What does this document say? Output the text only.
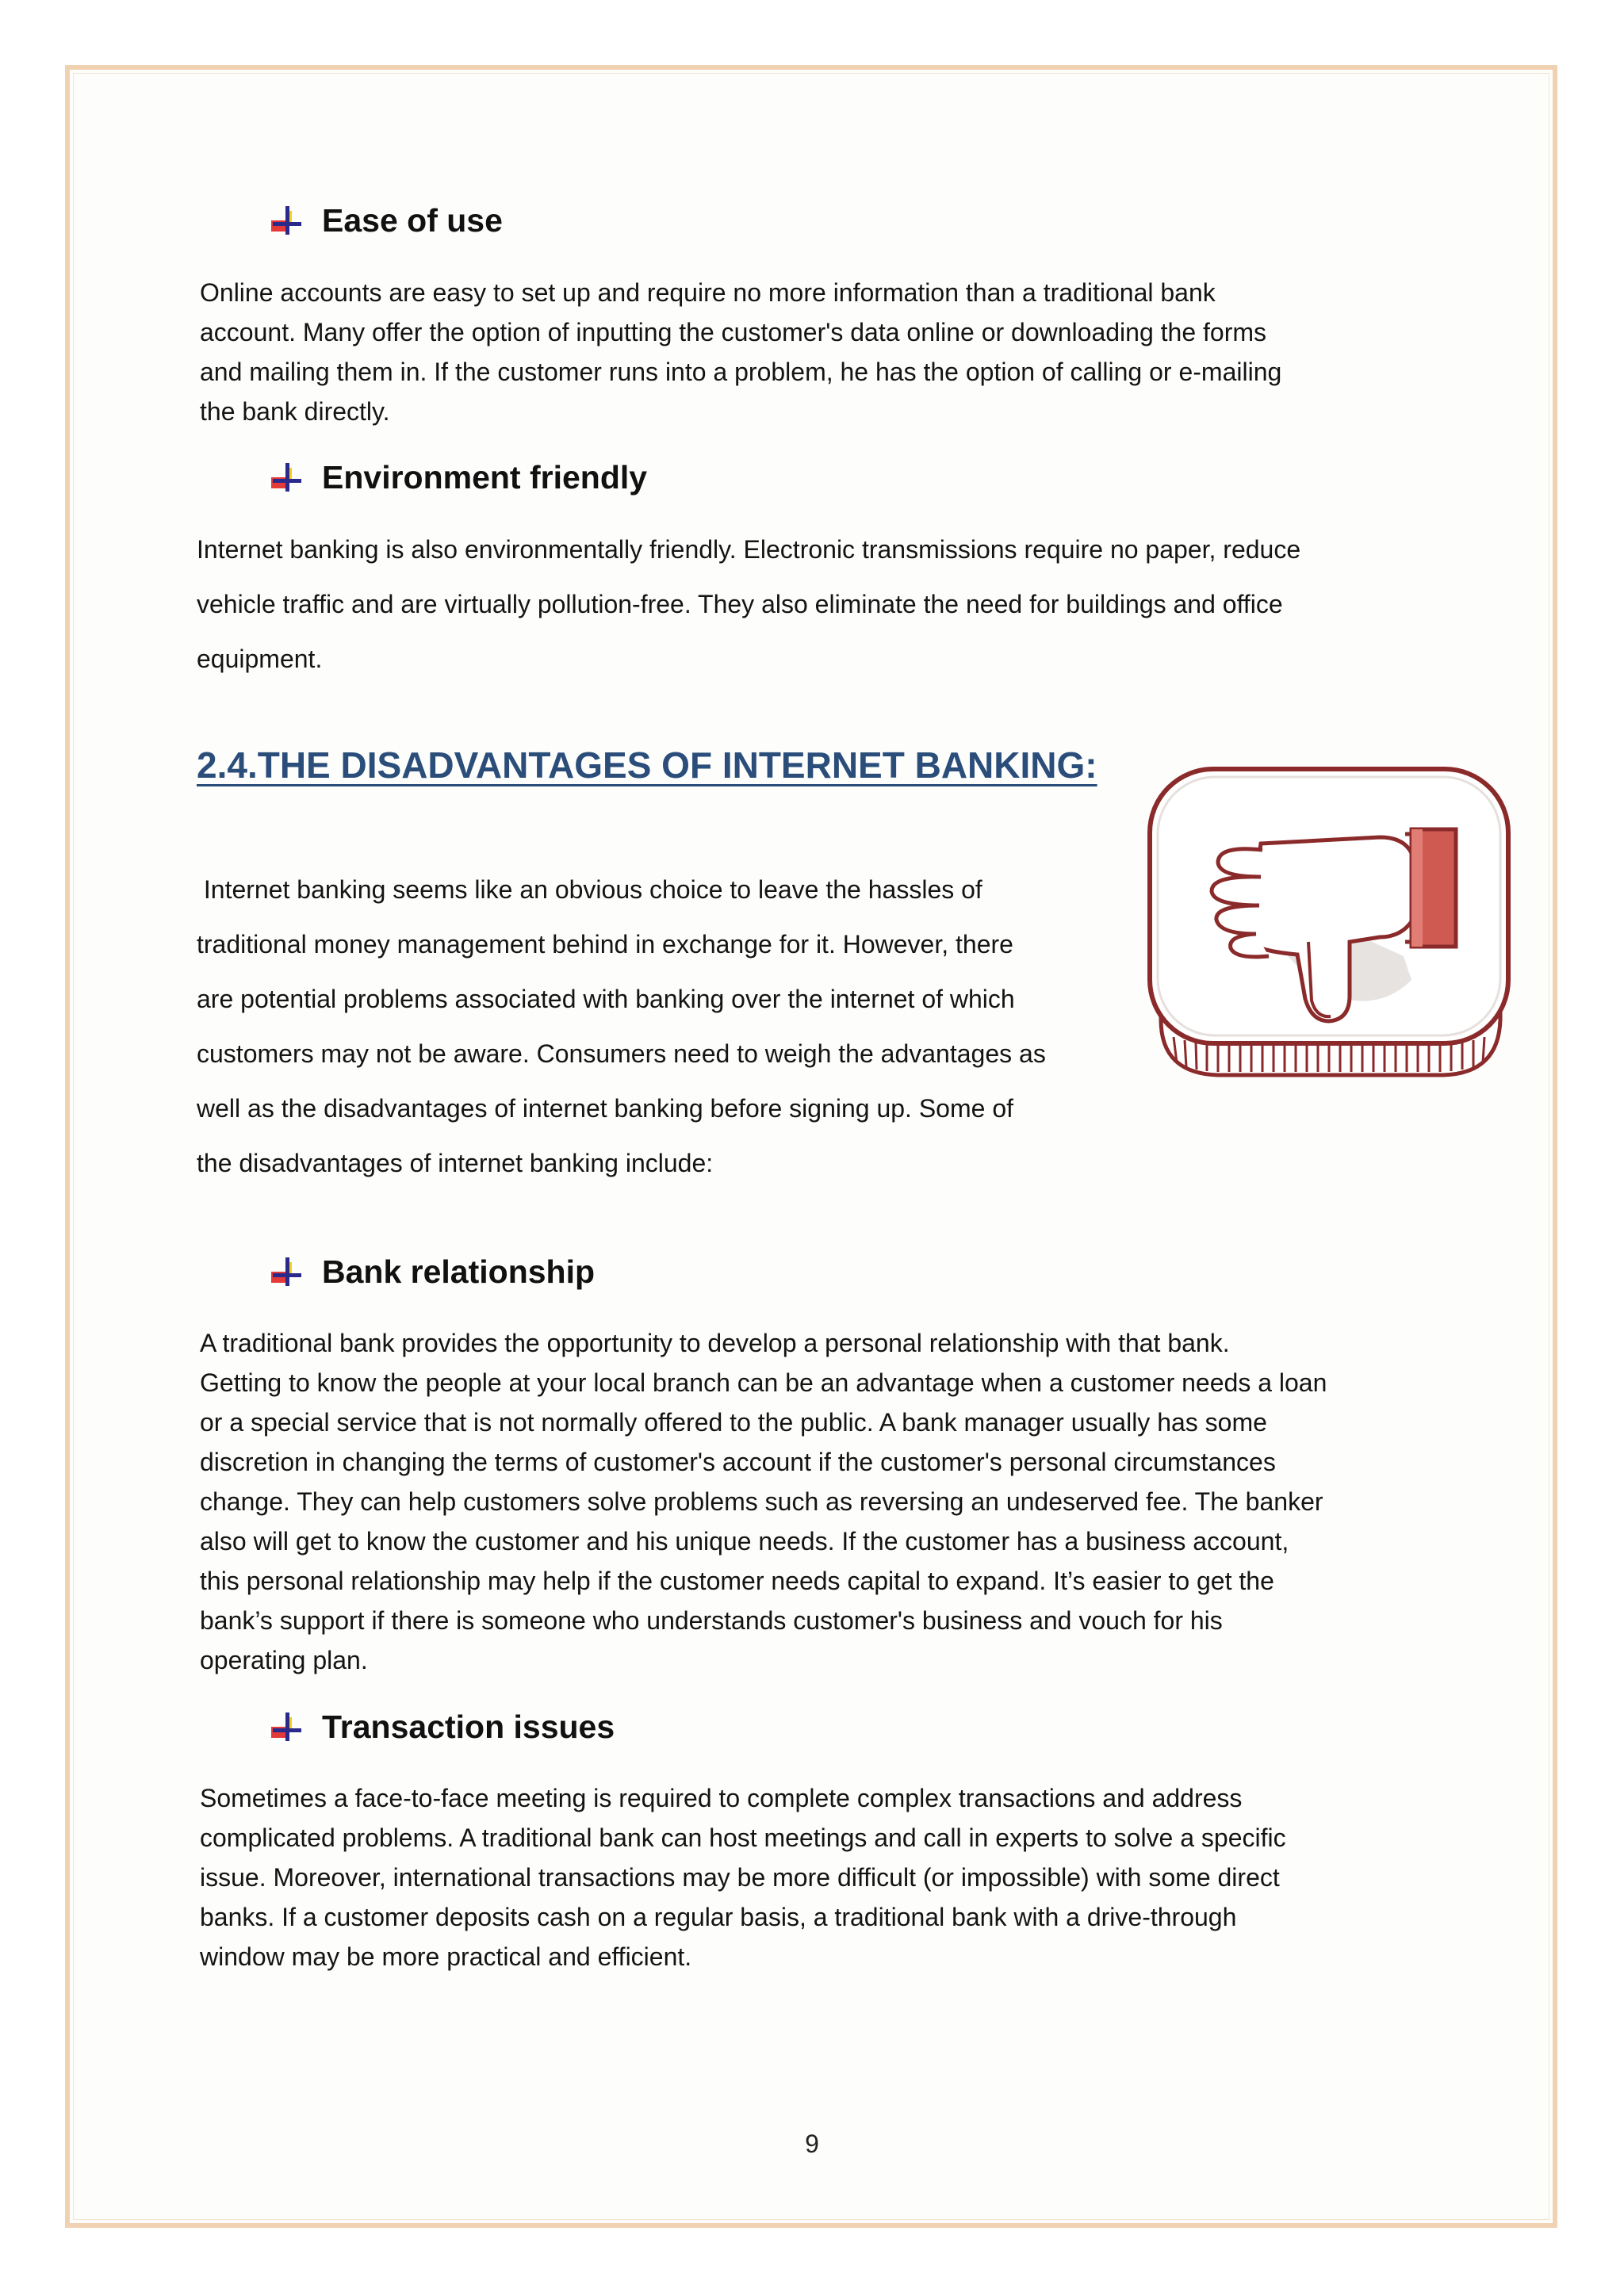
Ease of use
Online accounts are easy to set up and require no more information than a traditional bank
account. Many offer the option of inputting the customer's data online or downloading the forms
and mailing them in. If the customer runs into a problem, he has the option of calling or e-mailing
the bank directly.
Environment friendly
Internet banking is also environmentally friendly. Electronic transmissions require no paper, reduce
vehicle traffic and are virtually pollution-free. They also eliminate the need for buildings and office
equipment.
2.4.THE DISADVANTAGES OF INTERNET BANKING:
Internet banking seems like an obvious choice to leave the hassles of
traditional money management behind in exchange for it. However, there
are potential problems associated with banking over the internet of which
customers may not be aware. Consumers need to weigh the advantages as
well as the disadvantages of internet banking before signing up. Some of
the disadvantages of internet banking include:
Bank relationship
A traditional bank provides the opportunity to develop a personal relationship with that bank.
Getting to know the people at your local branch can be an advantage when a customer needs a loan
or a special service that is not normally offered to the public. A bank manager usually has some
discretion in changing the terms of customer's account if the customer's personal circumstances
change. They can help customers solve problems such as reversing an undeserved fee. The banker
also will get to know the customer and his unique needs. If the customer has a business account,
this personal relationship may help if the customer needs capital to expand. It’s easier to get the
bank’s support if there is someone who understands customer's business and vouch for his
operating plan.
Transaction issues
Sometimes a face-to-face meeting is required to complete complex transactions and address
complicated problems. A traditional bank can host meetings and call in experts to solve a specific
issue. Moreover, international transactions may be more difficult (or impossible) with some direct
banks. If a customer deposits cash on a regular basis, a traditional bank with a drive-through
window may be more practical and efficient.
9
